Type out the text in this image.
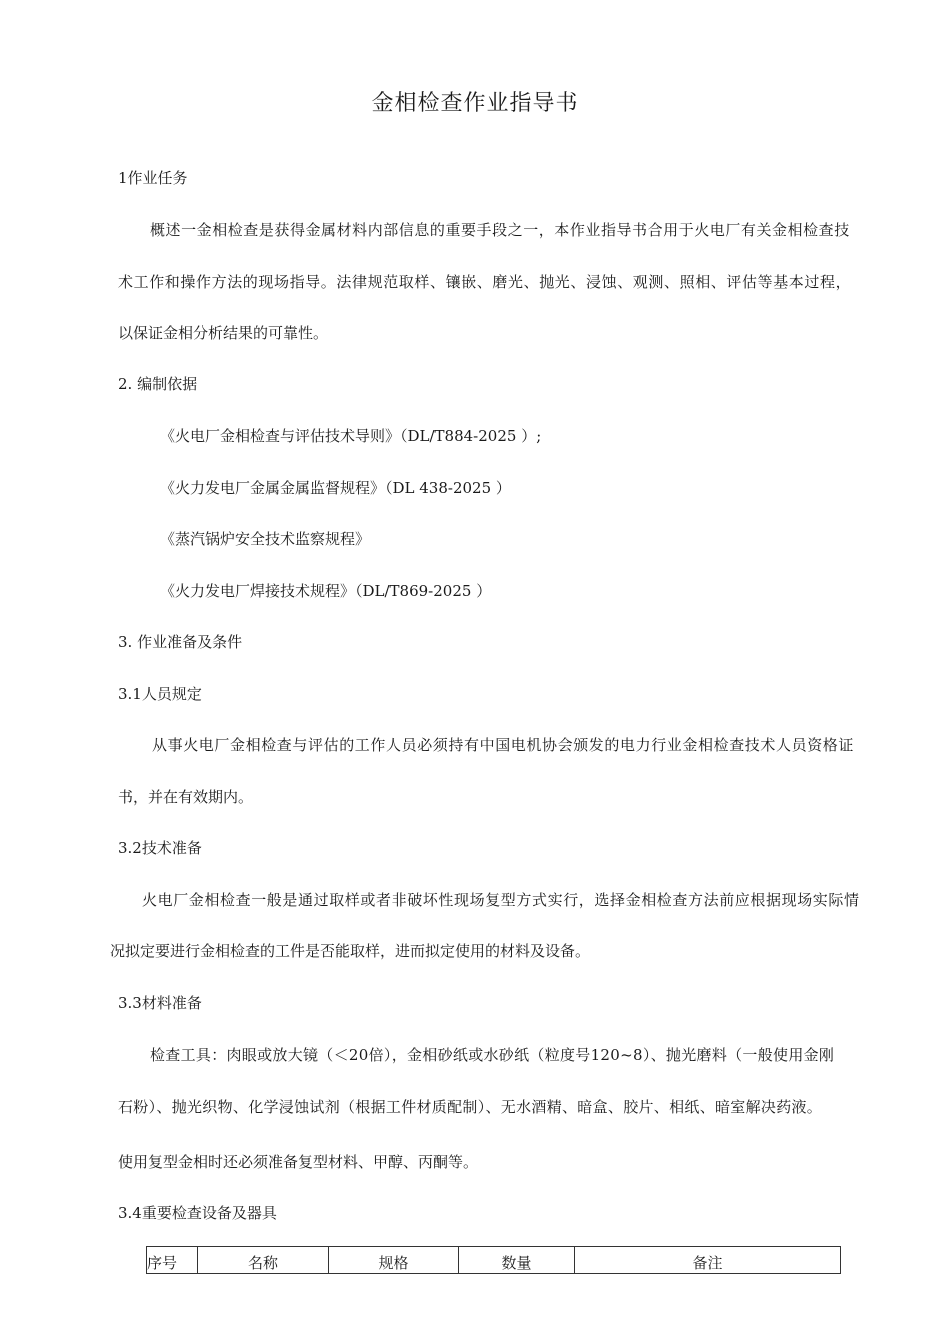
金相检查作业指导书
1作业任务
概述一金相检查是获得金属材料内部信息的重要手段之一，本作业指导书合用于火电厂有关金相检查技
术工作和操作方法的现场指导。法律规范取样、镶嵌、磨光、抛光、浸蚀、观测、照相、评估等基本过程，
以保证金相分析结果的可靠性。
2. 编制依据
《火电厂金相检查与评估技术导则》（DL/T884-2025 ）;
《火力发电厂金属金属监督规程》（DL 438-2025 ）
《蒸汽锅炉安全技术监察规程》
《火力发电厂焊接技术规程》（DL/T869-2025 ）
3. 作业准备及条件
3.1人员规定
从事火电厂金相检查与评估的工作人员必须持有中国电机协会颁发的电力行业金相检查技术人员资格证
书，并在有效期内。
3.2技术准备
火电厂金相检查一般是通过取样或者非破坏性现场复型方式实行，选择金相检查方法前应根据现场实际情
况拟定要进行金相检查的工件是否能取样，进而拟定使用的材料及设备。
3.3材料准备
检查工具：肉眼或放大镜（＜20倍），金相砂纸或水砂纸（粒度号120~8）、抛光磨料（一般使用金刚
石粉）、抛光织物、化学浸蚀试剂（根据工件材质配制）、无水酒精、暗盒、胶片、相纸、暗室解决药液。
使用复型金相时还必须准备复型材料、甲醇、丙酮等。
3.4重要检查设备及器具
序号	名称	规格	数量	备注
